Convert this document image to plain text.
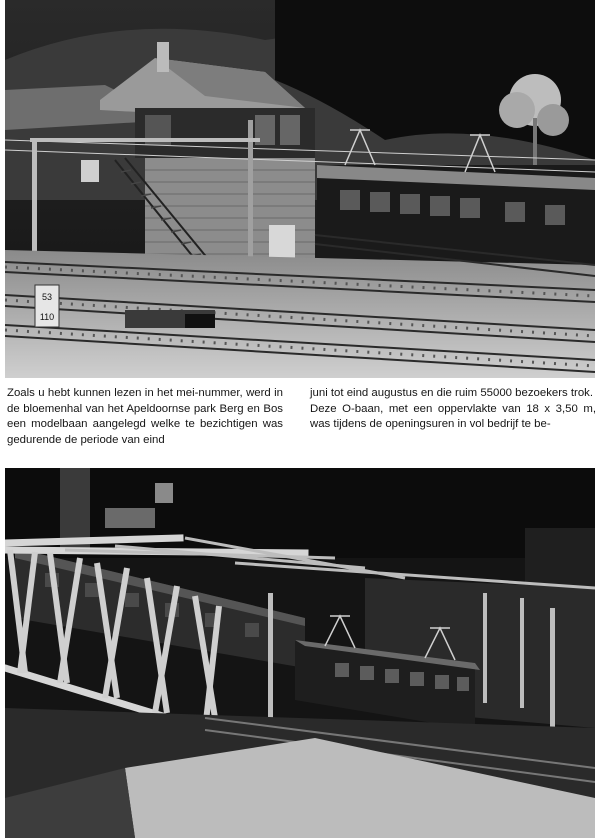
53
110

Zoals u hebt kunnen lezen in het mei-nummer, werd in de bloemenhal van het Apeldoornse park Berg en Bos een modelbaan aangelegd welke te bezichtigen was gedurende de periode van eind

juni tot eind augustus en die ruim 55000 bezoekers trok.

Deze O-baan, met een oppervlakte van 18 x 3,50 m, was tijdens de openingsuren in vol bedrijf te be-
